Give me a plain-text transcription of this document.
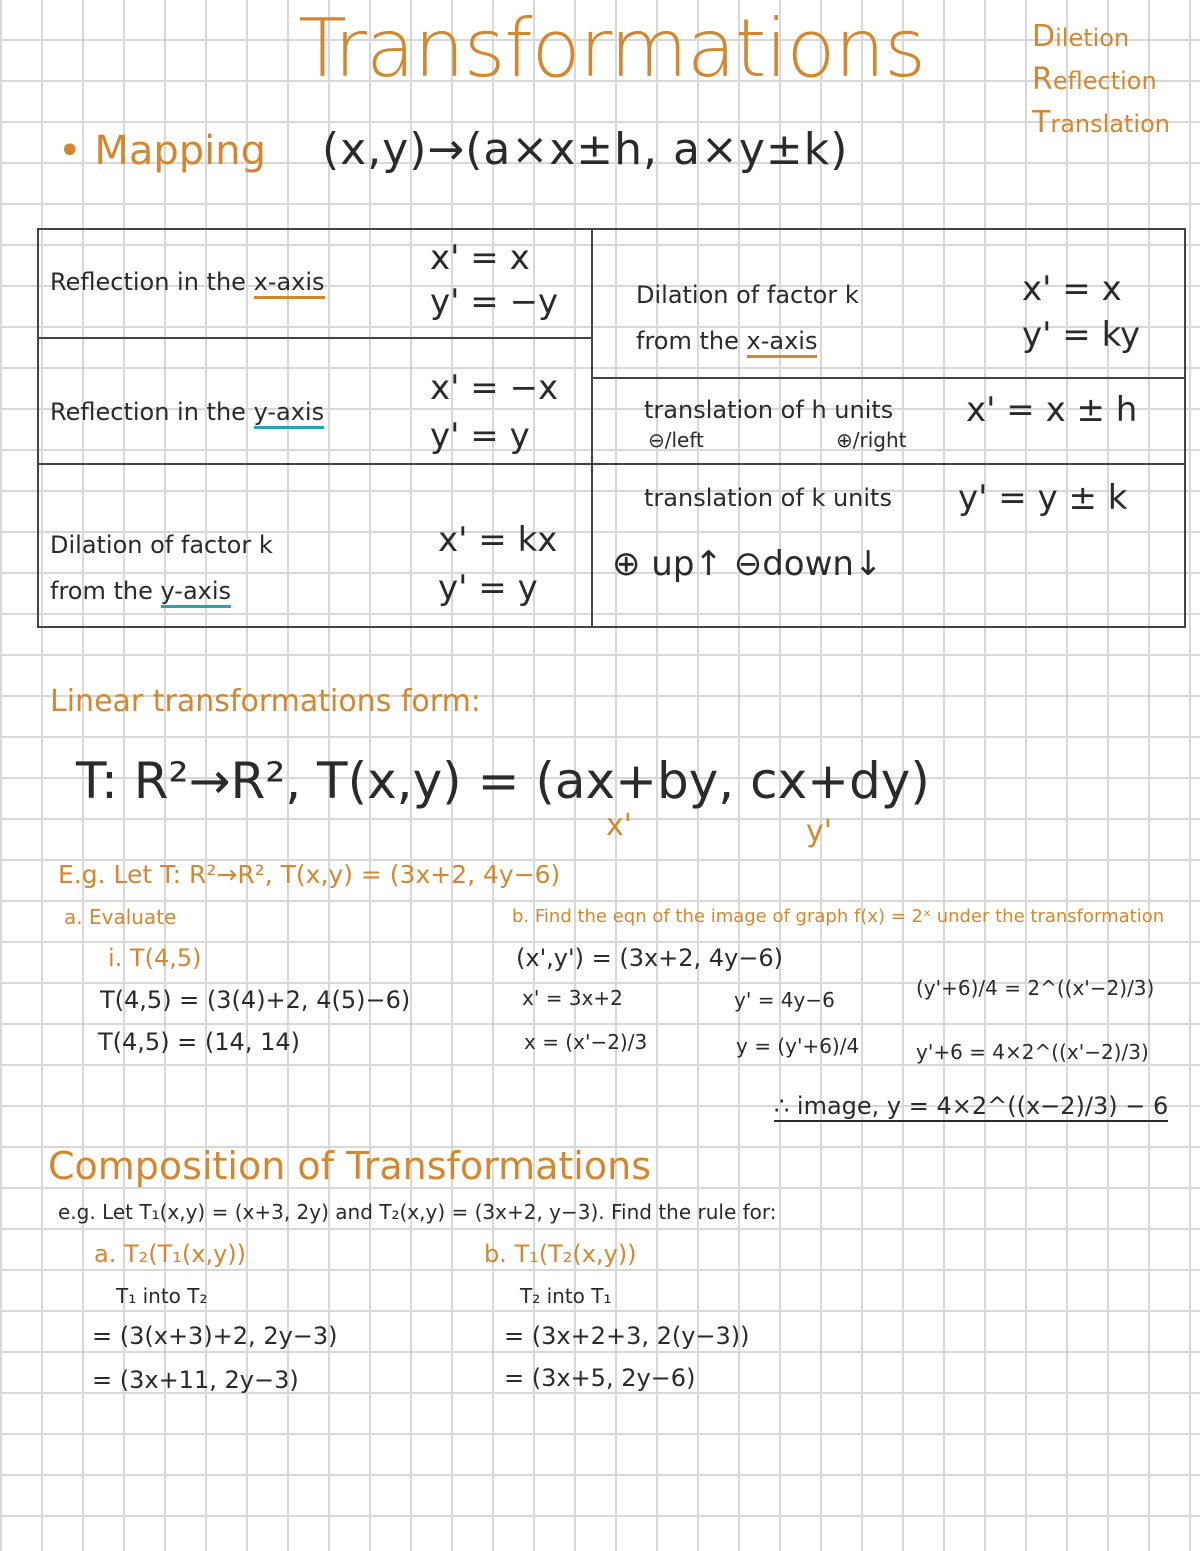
Transformations	Diletion
Reflection
Translation
• Mapping (x,y)→(a×x±h, a×y±k)
Reflection in the x-axis
x' = x
y' = −y
Reflection in the y-axis
x' = −x
y' = y
Dilation of factor k
from the y-axis
x' = kx
y' = y
Dilation of factor k
from the x-axis
x' = x
y' = ky
translation of h units
⊖/left	⊕/right
x' = x ± h
translation of k units y' = y ± k
⊕ up↑ ⊖down↓
Linear transformations form:
T: R²→R², T(x,y) = (ax+by, cx+dy)
x'	y'
E.g. Let T: R²→R², T(x,y) = (3x+2, 4y−6)
a. Evaluate
i. T(4,5)
T(4,5) = (3(4)+2, 4(5)−6)
T(4,5) = (14, 14)
b. Find the eqn of the image of graph f(x) = 2ˣ under the transformation
(x',y') = (3x+2, 4y−6)
x' = 3x+2
x = (x'−2)/3
y' = 4y−6
y = (y'+6)/4
(y'+6)/4 = 2^((x'−2)/3)
y'+6 = 4×2^((x'−2)/3)
∴ image, y = 4×2^((x−2)/3) − 6
Composition of Transformations
e.g. Let T₁(x,y) = (x+3, 2y) and T₂(x,y) = (3x+2, y−3). Find the rule for:
a. T₂(T₁(x,y))
T₁ into T₂
= (3(x+3)+2, 2y−3)
= (3x+11, 2y−3)
b. T₁(T₂(x,y))
T₂ into T₁
= (3x+2+3, 2(y−3))
= (3x+5, 2y−6)
